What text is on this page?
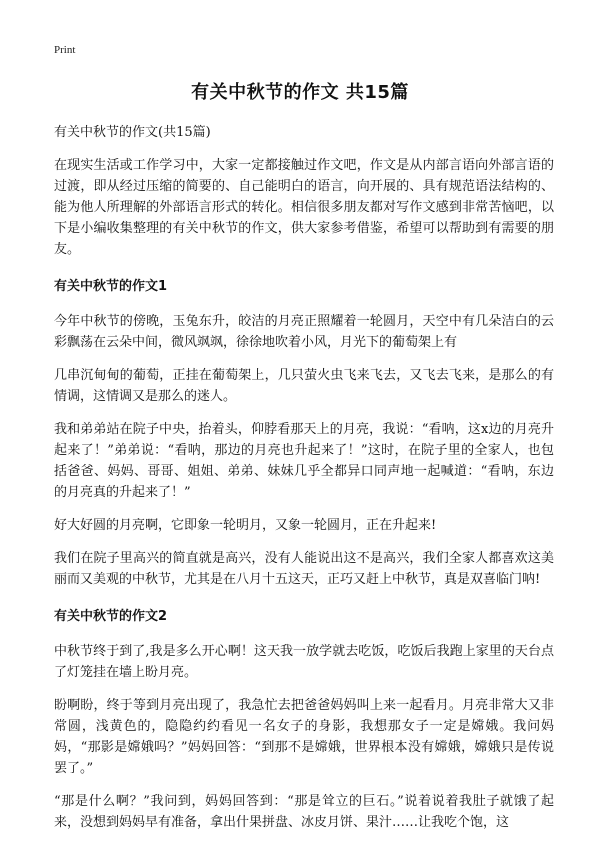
Print
有关中秋节的作文 共15篇

有关中秋节的作文(共15篇)

在现实生活或工作学习中，大家一定都接触过作文吧，作文是从内部言语向外部言语的过渡，即从经过压缩的简要的、自己能明白的语言，向开展的、具有规范语法结构的、能为他人所理解的外部语言形式的转化。相信很多朋友都对写作文感到非常苦恼吧，以下是小编收集整理的有关中秋节的作文，供大家参考借鉴，希望可以帮助到有需要的朋友。

有关中秋节的作文1

今年中秋节的傍晚，玉兔东升，皎洁的月亮正照耀着一轮圆月，天空中有几朵洁白的云彩飘荡在云朵中间，微风飒飒，徐徐地吹着小风，月光下的葡萄架上有

几串沉甸甸的葡萄，正挂在葡萄架上，几只萤火虫飞来飞去，又飞去飞来，是那么的有情调，这情调又是那么的迷人。

我和弟弟站在院子中央，抬着头，仰脖看那天上的月亮，我说：“看呐，这x边的月亮升起来了！”弟弟说：“看呐，那边的月亮也升起来了！”这时，在院子里的全家人，也包括爸爸、妈妈、哥哥、姐姐、弟弟、妹妹几乎全都异口同声地一起喊道：“看呐，东边的月亮真的升起来了！”

好大好圆的月亮啊，它即象一轮明月，又象一轮圆月，正在升起来!

我们在院子里高兴的简直就是高兴，没有人能说出这不是高兴，我们全家人都喜欢这美丽而又美观的中秋节，尤其是在八月十五这天，正巧又赶上中秋节，真是双喜临门呐!

有关中秋节的作文2

中秋节终于到了,我是多么开心啊！这天我一放学就去吃饭，吃饭后我跑上家里的天台点了灯笼挂在墙上盼月亮。

盼啊盼，终于等到月亮出现了，我急忙去把爸爸妈妈叫上来一起看月。月亮非常大又非常圆，浅黄色的，隐隐约约看见一名女子的身影，我想那女子一定是嫦娥。我问妈妈，“那影是嫦娥吗？”妈妈回答：“到那不是嫦娥，世界根本没有嫦娥，嫦娥只是传说罢了。”

“那是什么啊？”我问到，妈妈回答到：“那是耸立的巨石。”说着说着我肚子就饿了起来，没想到妈妈早有准备，拿出什果拼盘、冰皮月饼、果汁……让我吃个饱，这
